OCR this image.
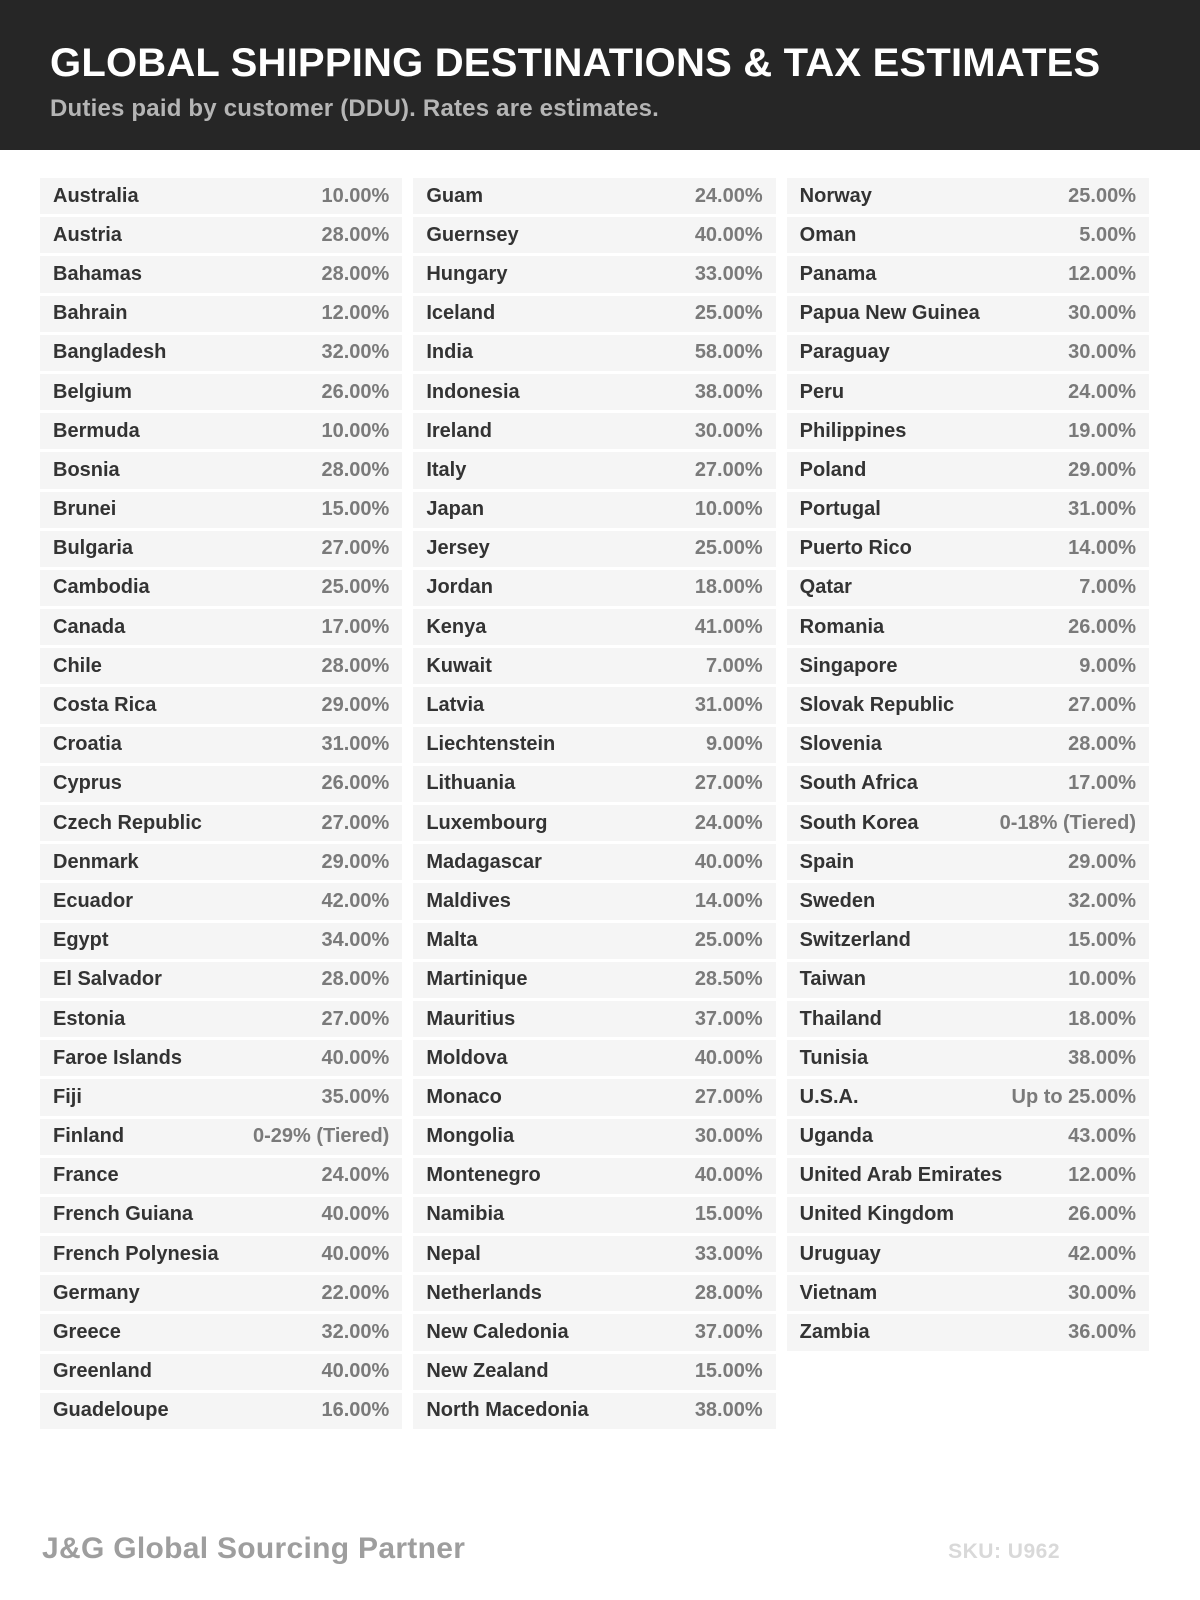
GLOBAL SHIPPING DESTINATIONS & TAX ESTIMATES

Duties paid by customer (DDU). Rates are estimates.

Australia	10.00%
Austria	28.00%
Bahamas	28.00%
Bahrain	12.00%
Bangladesh	32.00%
Belgium	26.00%
Bermuda	10.00%
Bosnia	28.00%
Brunei	15.00%
Bulgaria	27.00%
Cambodia	25.00%
Canada	17.00%
Chile	28.00%
Costa Rica	29.00%
Croatia	31.00%
Cyprus	26.00%
Czech Republic	27.00%
Denmark	29.00%
Ecuador	42.00%
Egypt	34.00%
El Salvador	28.00%
Estonia	27.00%
Faroe Islands	40.00%
Fiji	35.00%
Finland	0-29% (Tiered)
France	24.00%
French Guiana	40.00%
French Polynesia	40.00%
Germany	22.00%
Greece	32.00%
Greenland	40.00%
Guadeloupe	16.00%
Guam	24.00%
Guernsey	40.00%
Hungary	33.00%
Iceland	25.00%
India	58.00%
Indonesia	38.00%
Ireland	30.00%
Italy	27.00%
Japan	10.00%
Jersey	25.00%
Jordan	18.00%
Kenya	41.00%
Kuwait	7.00%
Latvia	31.00%
Liechtenstein	9.00%
Lithuania	27.00%
Luxembourg	24.00%
Madagascar	40.00%
Maldives	14.00%
Malta	25.00%
Martinique	28.50%
Mauritius	37.00%
Moldova	40.00%
Monaco	27.00%
Mongolia	30.00%
Montenegro	40.00%
Namibia	15.00%
Nepal	33.00%
Netherlands	28.00%
New Caledonia	37.00%
New Zealand	15.00%
North Macedonia	38.00%
Norway	25.00%
Oman	5.00%
Panama	12.00%
Papua New Guinea	30.00%
Paraguay	30.00%
Peru	24.00%
Philippines	19.00%
Poland	29.00%
Portugal	31.00%
Puerto Rico	14.00%
Qatar	7.00%
Romania	26.00%
Singapore	9.00%
Slovak Republic	27.00%
Slovenia	28.00%
South Africa	17.00%
South Korea	0-18% (Tiered)
Spain	29.00%
Sweden	32.00%
Switzerland	15.00%
Taiwan	10.00%
Thailand	18.00%
Tunisia	38.00%
U.S.A.	Up to 25.00%
Uganda	43.00%
United Arab Emirates	12.00%
United Kingdom	26.00%
Uruguay	42.00%
Vietnam	30.00%
Zambia	36.00%
J&G Global Sourcing Partner	SKU: U962
